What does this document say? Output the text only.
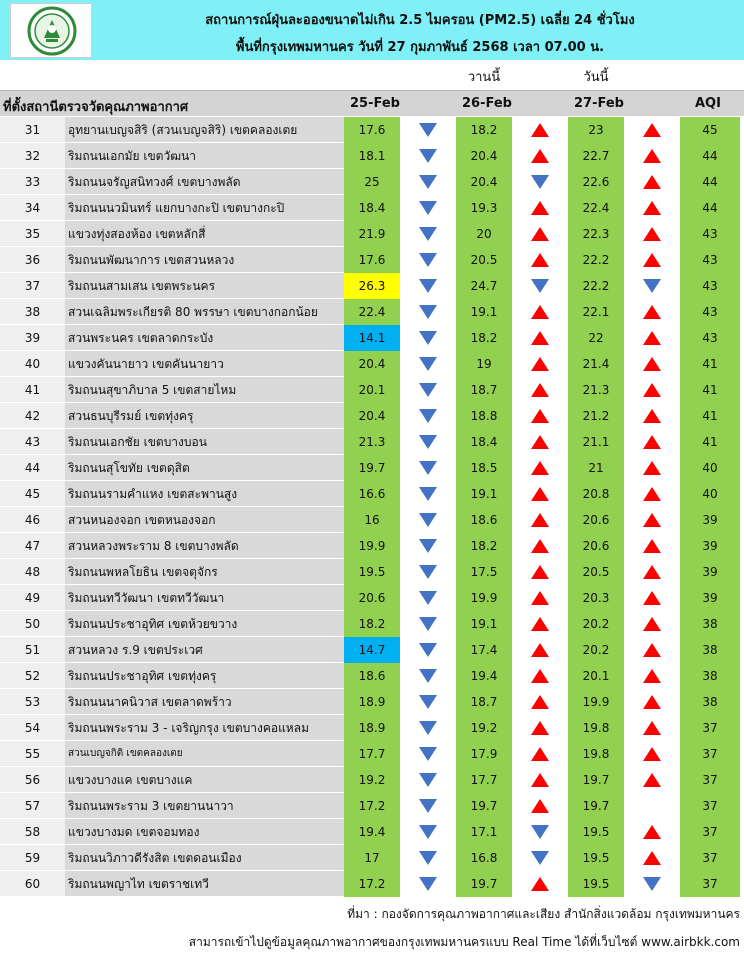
สถานการณ์ฝุ่นละอองขนาดไม่เกิน 2.5 ไมครอน (PM2.5) เฉลี่ย 24 ชั่วโมง
พื้นที่กรุงเทพมหานคร วันที่ 27 กุมภาพันธ์ 2568 เวลา 07.00 น.
วานนี้	วันนี้
ที่ตั้งสถานีตรวจวัดคุณภาพอากาศ	25-Feb	26-Feb	27-Feb	AQI
31	อุทยานเบญจสิริ (สวนเบญจสิริ) เขตคลองเตย	17.6	18.2	23	45
32	ริมถนนเอกมัย เขตวัฒนา	18.1	20.4	22.7	44
33	ริมถนนจรัญสนิทวงศ์ เขตบางพลัด	25	20.4	22.6	44
34	ริมถนนนวมินทร์ แยกบางกะปิ เขตบางกะปิ	18.4	19.3	22.4	44
35	แขวงทุ่งสองห้อง เขตหลักสี่	21.9	20	22.3	43
36	ริมถนนพัฒนาการ เขตสวนหลวง	17.6	20.5	22.2	43
37	ริมถนนสามเสน เขตพระนคร	26.3	24.7	22.2	43
38	สวนเฉลิมพระเกียรติ 80 พรรษา เขตบางกอกน้อย	22.4	19.1	22.1	43
39	สวนพระนคร เขตลาดกระบัง	14.1	18.2	22	43
40	แขวงคันนายาว เขตคันนายาว	20.4	19	21.4	41
41	ริมถนนสุขาภิบาล 5 เขตสายไหม	20.1	18.7	21.3	41
42	สวนธนบุรีรมย์ เขตทุ่งครุ	20.4	18.8	21.2	41
43	ริมถนนเอกชัย เขตบางบอน	21.3	18.4	21.1	41
44	ริมถนนสุโขทัย เขตดุสิต	19.7	18.5	21	40
45	ริมถนนรามคำแหง เขตสะพานสูง	16.6	19.1	20.8	40
46	สวนหนองจอก เขตหนองจอก	16	18.6	20.6	39
47	สวนหลวงพระราม 8 เขตบางพลัด	19.9	18.2	20.6	39
48	ริมถนนพหลโยธิน เขตจตุจักร	19.5	17.5	20.5	39
49	ริมถนนทวีวัฒนา เขตทวีวัฒนา	20.6	19.9	20.3	39
50	ริมถนนประชาอุทิศ เขตห้วยขวาง	18.2	19.1	20.2	38
51	สวนหลวง ร.9 เขตประเวศ	14.7	17.4	20.2	38
52	ริมถนนประชาอุทิศ เขตทุ่งครุ	18.6	19.4	20.1	38
53	ริมถนนนาคนิวาส เขตลาดพร้าว	18.9	18.7	19.9	38
54	ริมถนนพระราม 3 - เจริญกรุง เขตบางคอแหลม	18.9	19.2	19.8	37
55	สวนเบญจกิติ เขตคลองเตย	17.7	17.9	19.8	37
56	แขวงบางแค เขตบางแค	19.2	17.7	19.7	37
57	ริมถนนพระราม 3 เขตยานนาวา	17.2	19.7	19.7	37
58	แขวงบางมด เขตจอมทอง	19.4	17.1	19.5	37
59	ริมถนนวิภาวดีรังสิต เขตดอนเมือง	17	16.8	19.5	37
60	ริมถนนพญาไท เขตราชเทวี	17.2	19.7	19.5	37
ที่มา : กองจัดการคุณภาพอากาศและเสียง สำนักสิ่งแวดล้อม กรุงเทพมหานคร
สามารถเข้าไปดูข้อมูลคุณภาพอากาศของกรุงเทพมหานครแบบ Real Time ได้ที่เว็บไซต์ www.airbkk.com
